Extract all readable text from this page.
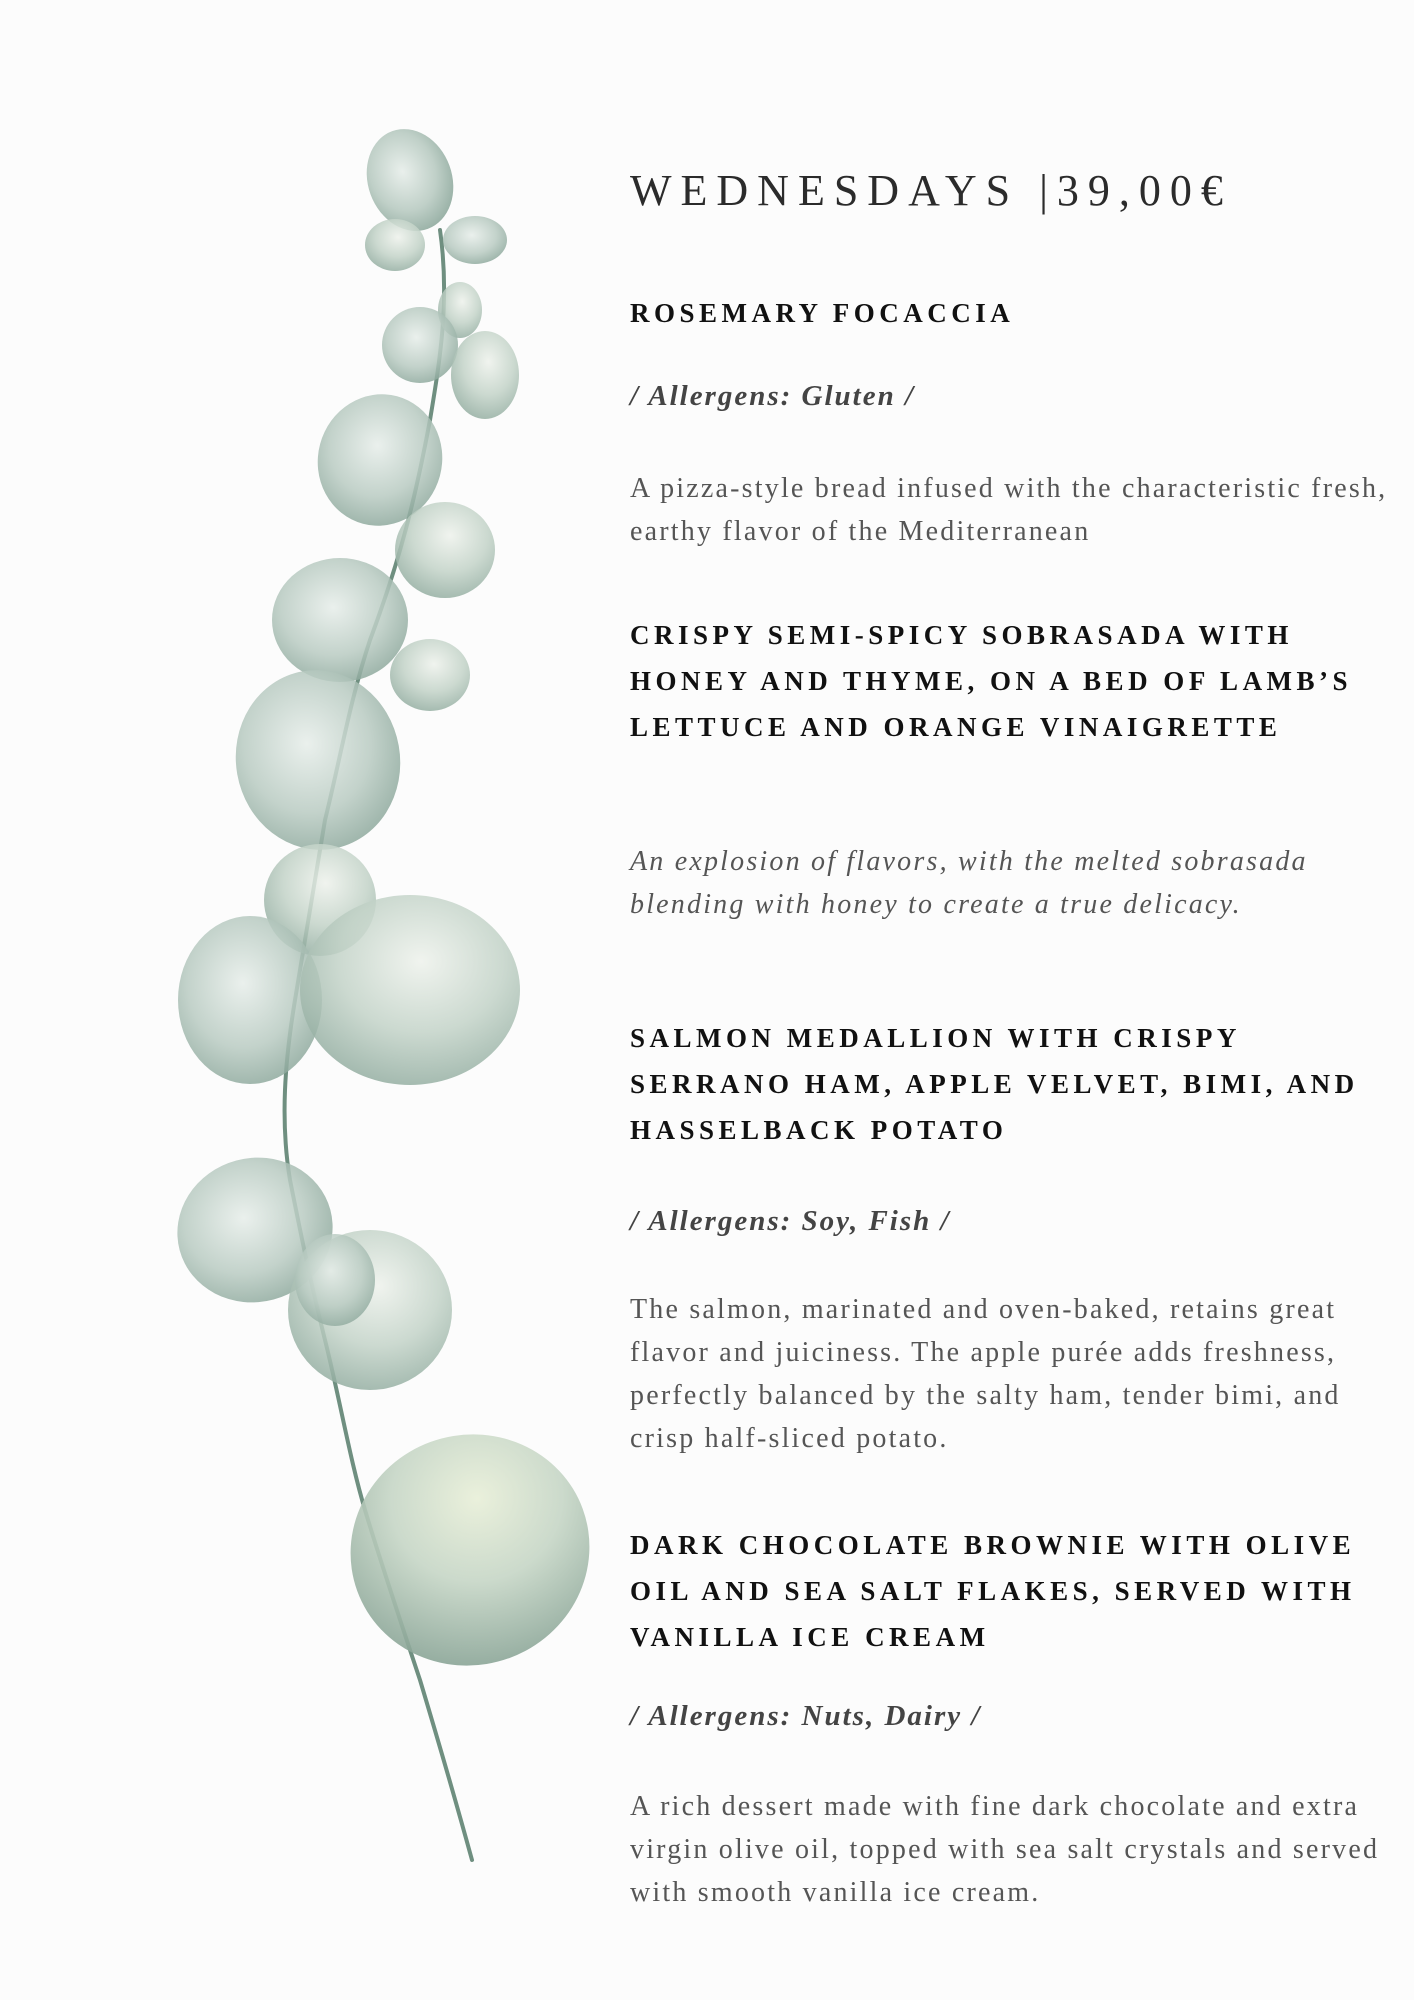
WEDNESDAYS |39,00€
ROSEMARY FOCACCIA
/ Allergens: Gluten /
A pizza-style bread infused with the characteristic fresh, earthy flavor of the Mediterranean
CRISPY SEMI-SPICY SOBRASADA WITH HONEY AND THYME, ON A BED OF LAMB’S LETTUCE AND ORANGE VINAIGRETTE
An explosion of flavors, with the melted sobrasada blending with honey to create a true delicacy.
SALMON MEDALLION WITH CRISPY SERRANO HAM, APPLE VELVET, BIMI, AND HASSELBACK POTATO
/ Allergens: Soy, Fish /
The salmon, marinated and oven-baked, retains great flavor and juiciness. The apple purée adds freshness, perfectly balanced by the salty ham, tender bimi, and crisp half-sliced potato.
DARK CHOCOLATE BROWNIE WITH OLIVE OIL AND SEA SALT FLAKES, SERVED WITH VANILLA ICE CREAM
/ Allergens: Nuts, Dairy /
A rich dessert made with fine dark chocolate and extra virgin olive oil, topped with sea salt crystals and served with smooth vanilla ice cream.
